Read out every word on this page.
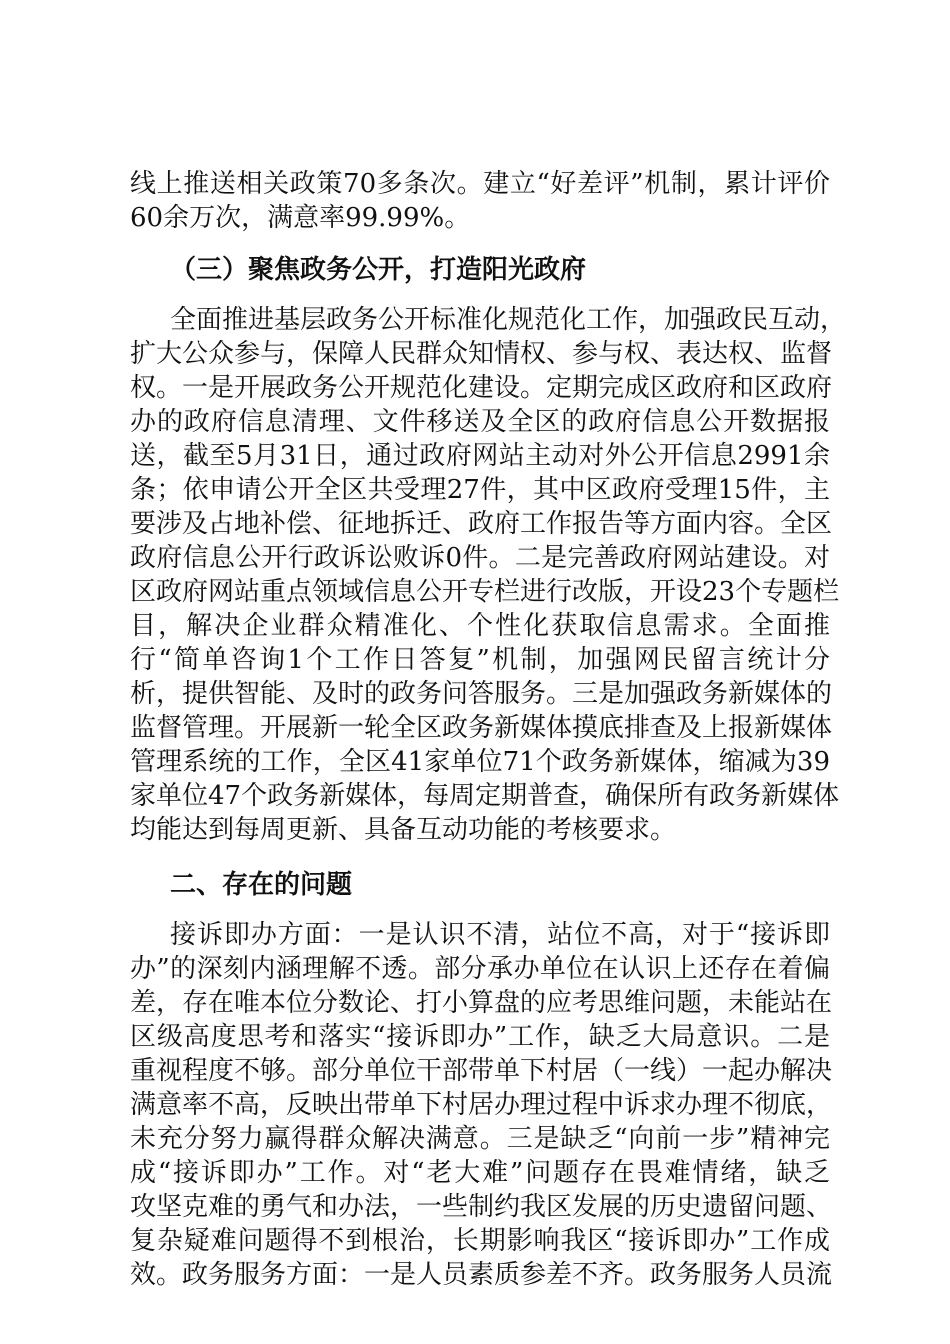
线上推送相关政策70多条次。建立“好差评”机制，累计评价
60余万次，满意率99.99%。
（三）聚焦政务公开，打造阳光政府
全面推进基层政务公开标准化规范化工作，加强政民互动，
扩大公众参与，保障人民群众知情权、参与权、表达权、监督
权。一是开展政务公开规范化建设。定期完成区政府和区政府
办的政府信息清理、文件移送及全区的政府信息公开数据报
送，截至5月31日，通过政府网站主动对外公开信息2991余
条；依申请公开全区共受理27件，其中区政府受理15件，主
要涉及占地补偿、征地拆迁、政府工作报告等方面内容。全区
政府信息公开行政诉讼败诉0件。二是完善政府网站建设。对
区政府网站重点领域信息公开专栏进行改版，开设23个专题栏
目，解决企业群众精准化、个性化获取信息需求。全面推
行“简单咨询1个工作日答复”机制，加强网民留言统计分
析，提供智能、及时的政务问答服务。三是加强政务新媒体的
监督管理。开展新一轮全区政务新媒体摸底排查及上报新媒体
管理系统的工作，全区41家单位71个政务新媒体，缩减为39
家单位47个政务新媒体，每周定期普查，确保所有政务新媒体
均能达到每周更新、具备互动功能的考核要求。
二、存在的问题
接诉即办方面：一是认识不清，站位不高，对于“接诉即
办”的深刻内涵理解不透。部分承办单位在认识上还存在着偏
差，存在唯本位分数论、打小算盘的应考思维问题，未能站在
区级高度思考和落实“接诉即办”工作，缺乏大局意识。二是
重视程度不够。部分单位干部带单下村居（一线）一起办解决
满意率不高，反映出带单下村居办理过程中诉求办理不彻底，
未充分努力赢得群众解决满意。三是缺乏“向前一步”精神完
成“接诉即办”工作。对“老大难”问题存在畏难情绪，缺乏
攻坚克难的勇气和办法，一些制约我区发展的历史遗留问题、
复杂疑难问题得不到根治，长期影响我区“接诉即办”工作成
效。政务服务方面：一是人员素质参差不齐。政务服务人员流
